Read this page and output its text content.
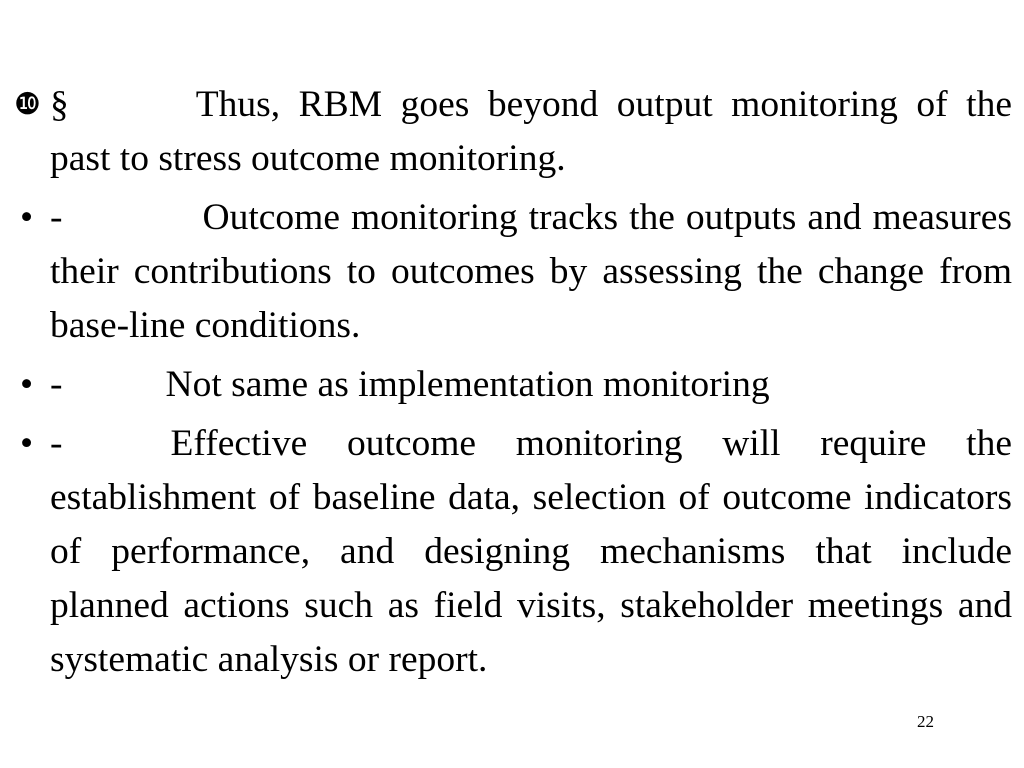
❿ §	Thus, RBM goes beyond output monitoring of the past to stress outcome monitoring.
• -	Outcome monitoring tracks the outputs and measures their contributions to outcomes by assessing the change from base-line conditions.
• -	Not same as implementation monitoring
• -	Effective outcome monitoring will require the establishment of baseline data, selection of outcome indicators of performance, and designing mechanisms that include planned actions such as field visits, stakeholder meetings and systematic analysis or report.
22
